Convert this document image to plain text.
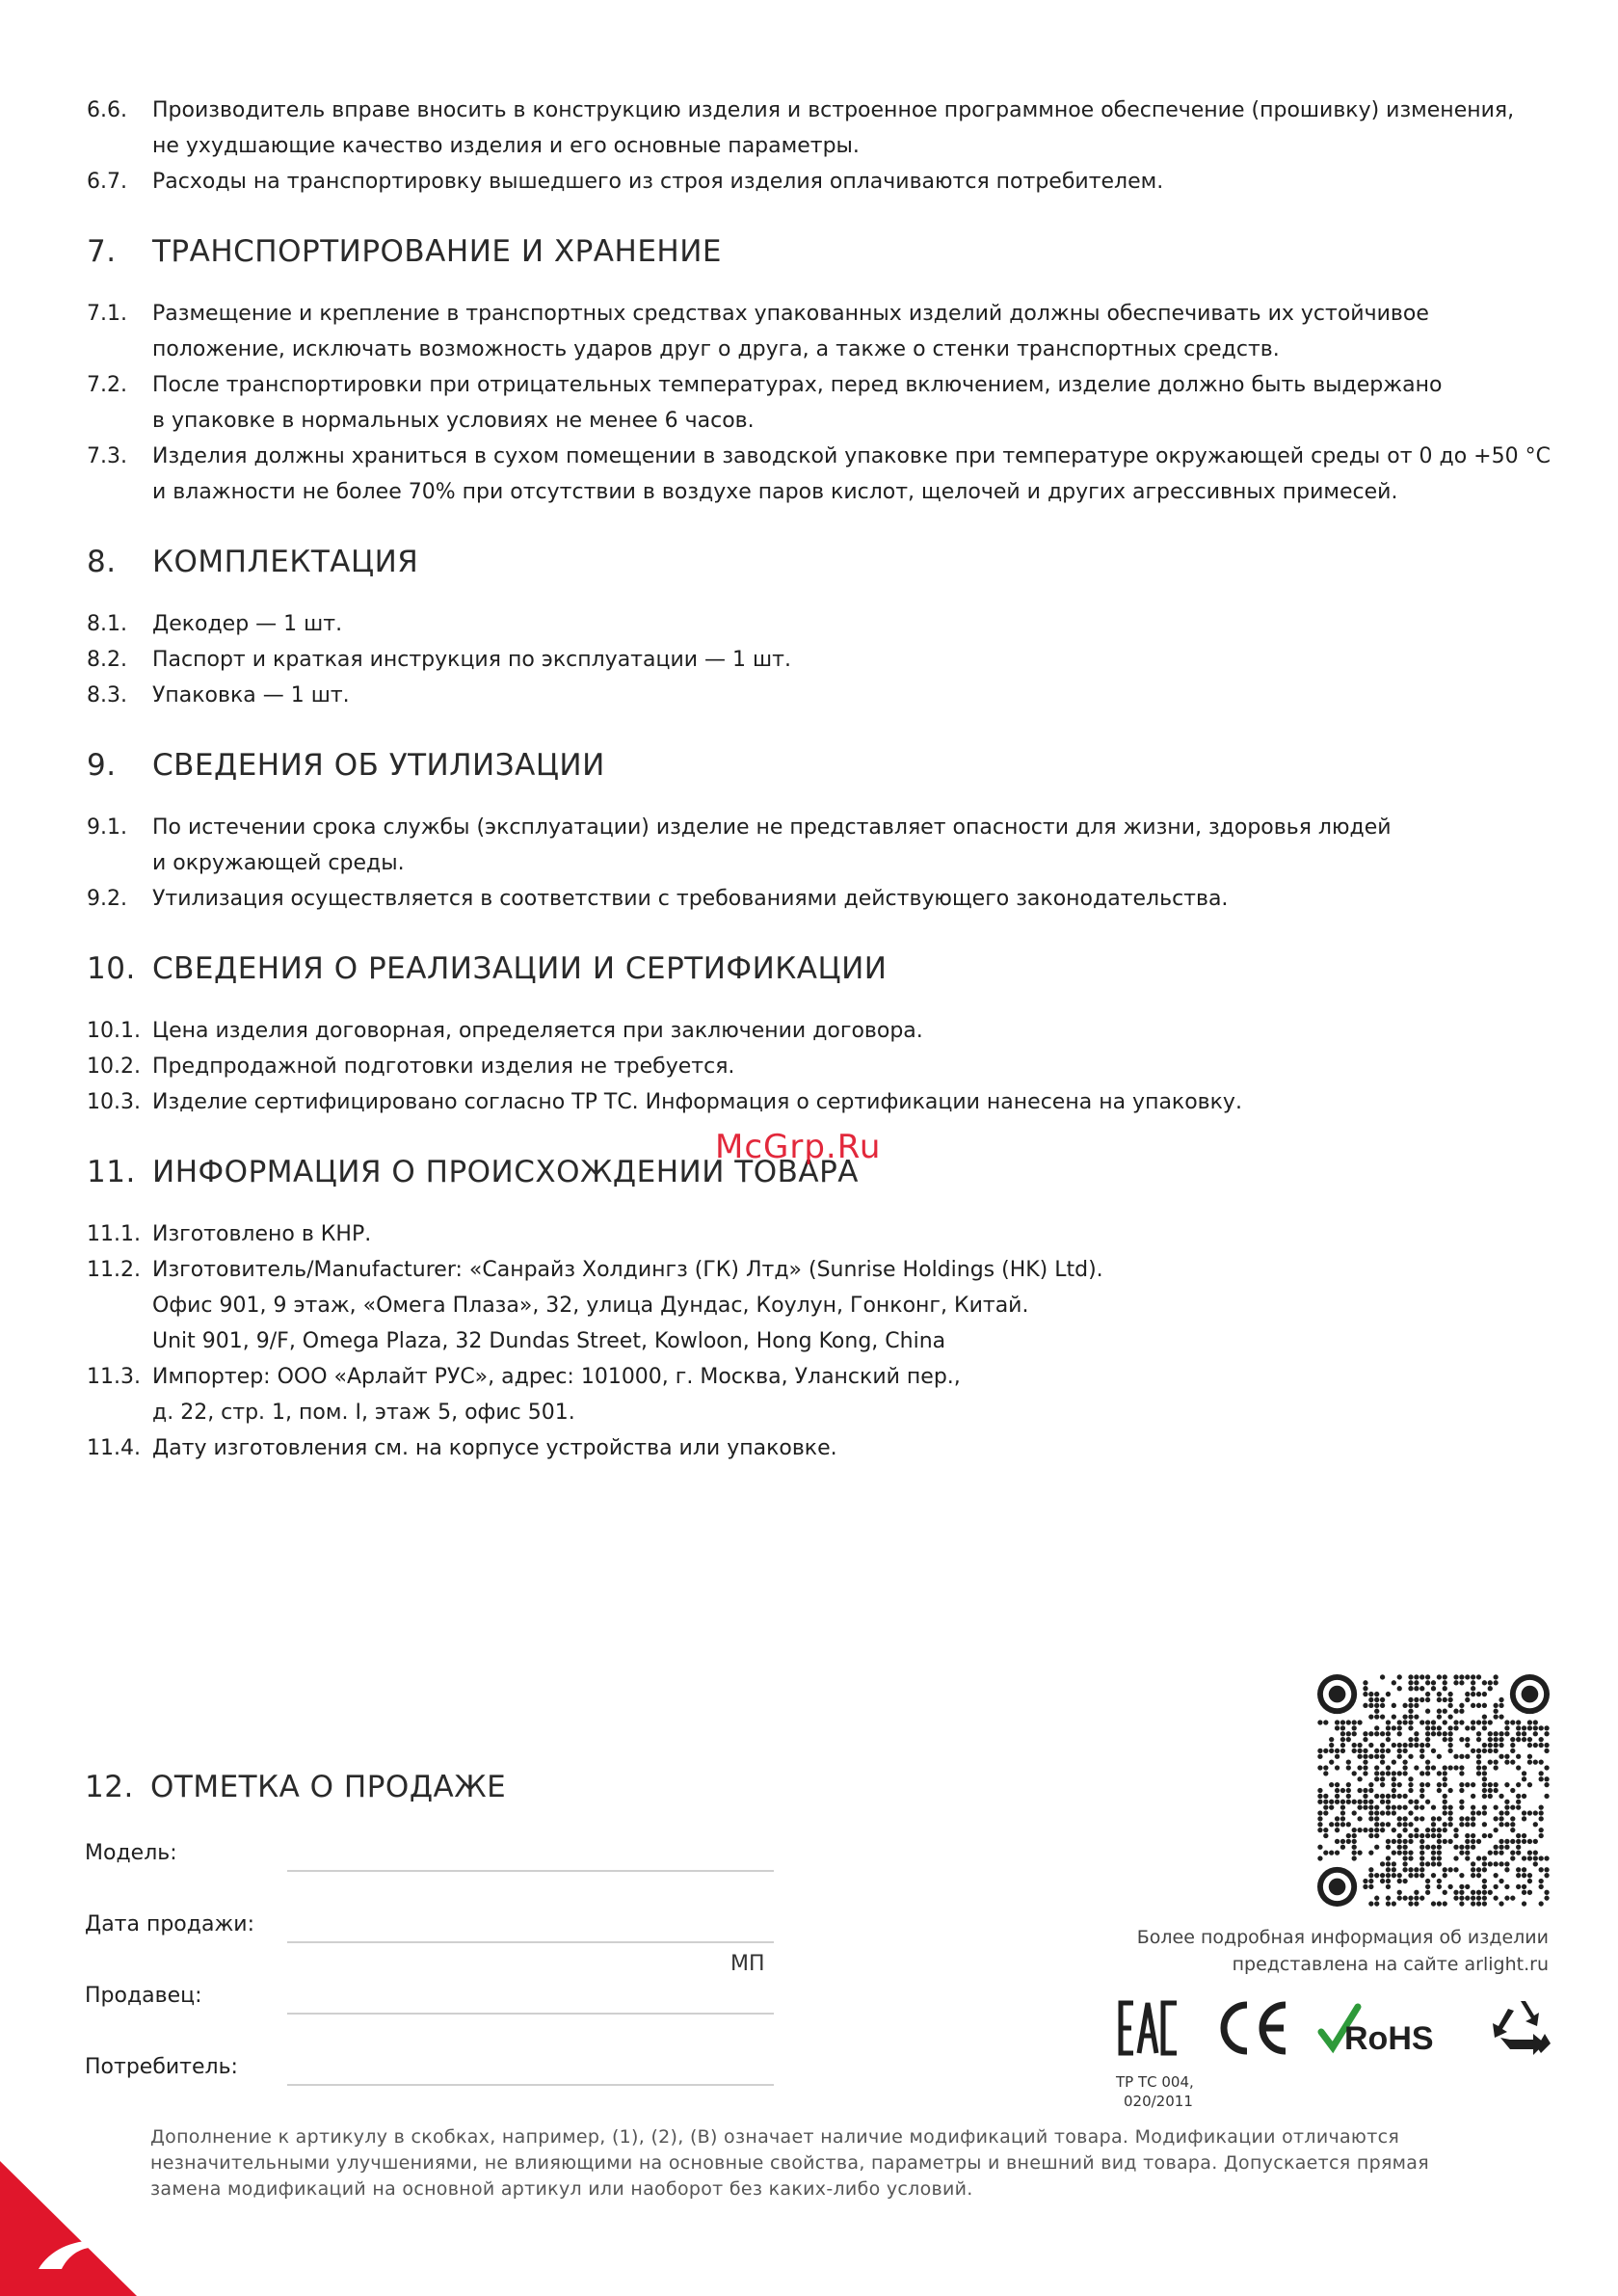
6.6.	Производитель вправе вносить в конструкцию изделия и встроенное программное обеспечение (прошивку) изменения,
не ухудшающие качество изделия и его основные параметры.
6.7.	Расходы на транспортировку вышедшего из строя изделия оплачиваются потребителем.
7.	ТРАНСПОРТИРОВАНИЕ И ХРАНЕНИЕ
7.1.	Размещение и крепление в транспортных средствах упакованных изделий должны обеспечивать их устойчивое
положение, исключать возможность ударов друг о друга, а также о стенки транспортных средств.
7.2.	После транспортировки при отрицательных температурах, перед включением, изделие должно быть выдержано
в упаковке в нормальных условиях не менее 6 часов.
7.3.	Изделия должны храниться в сухом помещении в заводской упаковке при температуре окружающей среды от 0 до +50 °C
и влажности не более 70% при отсутствии в воздухе паров кислот, щелочей и других агрессивных примесей.
8.	КОМПЛЕКТАЦИЯ
8.1.	Декодер — 1 шт.
8.2.	Паспорт и краткая инструкция по эксплуатации — 1 шт.
8.3.	Упаковка — 1 шт.
9.	СВЕДЕНИЯ ОБ УТИЛИЗАЦИИ
9.1.	По истечении срока службы (эксплуатации) изделие не представляет опасности для жизни, здоровья людей
и окружающей среды.
9.2.	Утилизация осуществляется в соответствии с требованиями действующего законодательства.
10. СВЕДЕНИЯ О РЕАЛИЗАЦИИ И СЕРТИФИКАЦИИ
10.1. Цена изделия договорная, определяется при заключении договора.
10.2. Предпродажной подготовки изделия не требуется.
10.3. Изделие сертифицировано согласно ТР ТС. Информация о сертификации нанесена на упаковку.
11. ИНФОРМАЦИЯ О ПРОИСХОЖДЕНИИ ТОВАРА
11.1. Изготовлено в КНР.
11.2. Изготовитель/Manufacturer: «Санрайз Холдингз (ГК) Лтд» (Sunrise Holdings (HK) Ltd).
Офис 901, 9 этаж, «Омега Плаза», 32, улица Дундас, Коулун, Гонконг, Китай.
Unit 901, 9/F, Omega Plaza, 32 Dundas Street, Kowloon, Hong Kong, China
11.3. Импортер: ООО «Арлайт РУС», адрес: 101000, г. Москва, Уланский пер.,
д. 22, стр. 1, пом. I, этаж 5, офис 501.
11.4. Дату изготовления см. на корпусе устройства или упаковке.
McGrp.Ru
12. ОТМЕТКА О ПРОДАЖЕ
Модель:
Дата продажи:
Продавец:
Потребитель:
МП
Более подробная информация об изделии
представлена на сайте arlight.ru
RoHS
ТР ТС 004,
020/2011
Дополнение к артикулу в скобках, например, (1), (2), (B) означает наличие модификаций товара. Модификации отличаются
незначительными улучшениями, не влияющими на основные свойства, параметры и внешний вид товара. Допускается прямая
замена модификаций на основной артикул или наоборот без каких-либо условий.
